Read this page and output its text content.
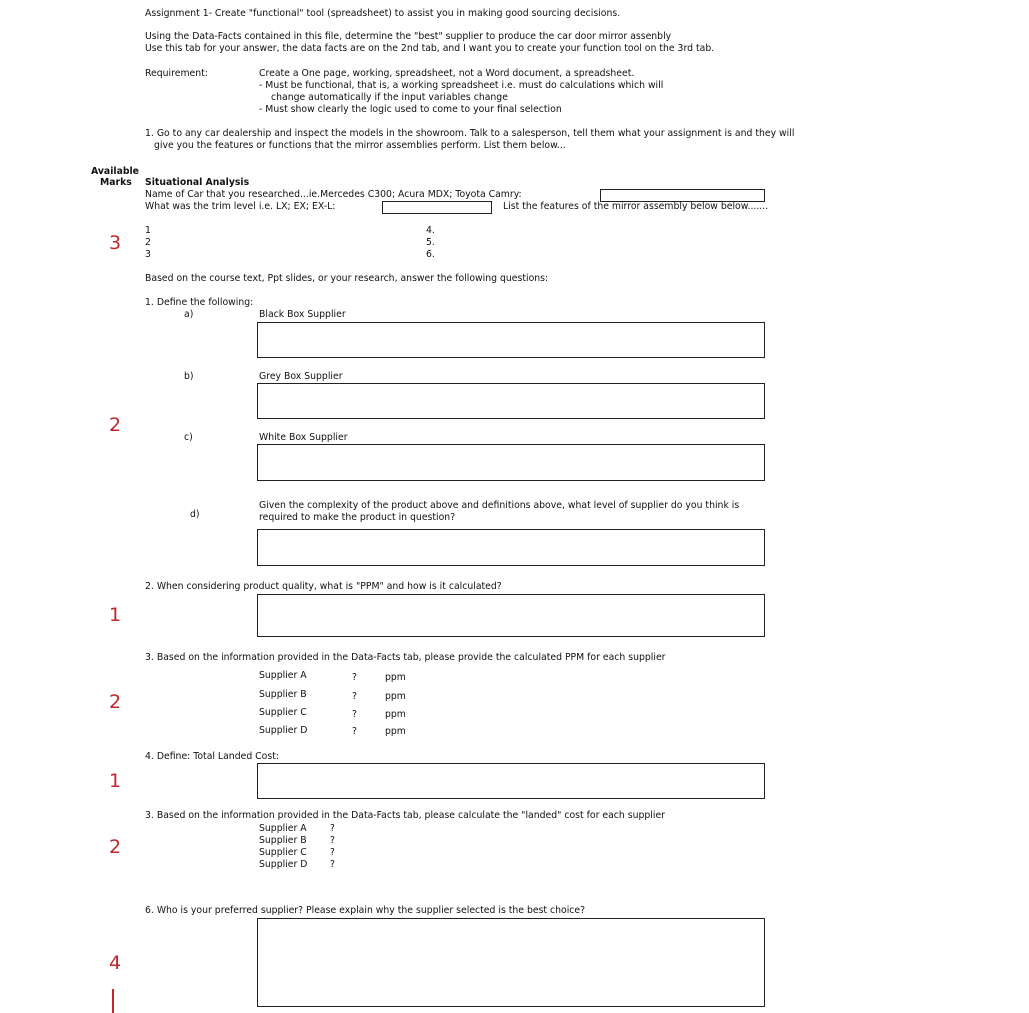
Assignment 1- Create "functional" tool (spreadsheet) to assist you in making good sourcing decisions.
Using the Data-Facts contained in this file, determine the "best" supplier to produce the car door mirror assenbly
Use this tab for your answer, the data facts are on the 2nd tab, and I want you to create your function tool on the 3rd tab.
Requirement:	Create a One page, working, spreadsheet, not a Word document, a spreadsheet.
- Must be functional, that is, a working spreadsheet i.e. must do calculations which will
change automatically if the input variables change
- Must show clearly the logic used to come to your final selection
1. Go to any car dealership and inspect the models in the showroom. Talk to a salesperson, tell them what your assignment is and they will
give you the features or functions that the mirror assemblies perform. List them below...
Available
Marks Situational Analysis
Name of Car that you researched...ie.Mercedes C300; Acura MDX; Toyota Camry:
What was the trim level i.e. LX; EX; EX-L:	List the features of the mirror assembly below below.......
3
1
2
3
4.
5.
6.
Based on the course text, Ppt slides, or your research, answer the following questions:
1. Define the following:
a)	Black Box Supplier
b)	Grey Box Supplier
2
c)	White Box Supplier
d)
Given the complexity of the product above and definitions above, what level of supplier do you think is
required to make the product in question?
2. When considering product quality, what is "PPM" and how is it calculated?
1
3. Based on the information provided in the Data-Facts tab, please provide the calculated PPM for each supplier
2
Supplier A	?	ppm
Supplier B	?	ppm
Supplier C	?	ppm
Supplier D	?	ppm
4. Define: Total Landed Cost:
1
3. Based on the information provided in the Data-Facts tab, please calculate the "landed" cost for each supplier
2
Supplier A	?
Supplier B	?
Supplier C ?
Supplier D ?
6. Who is your preferred supplier? Please explain why the supplier selected is the best choice?
4
